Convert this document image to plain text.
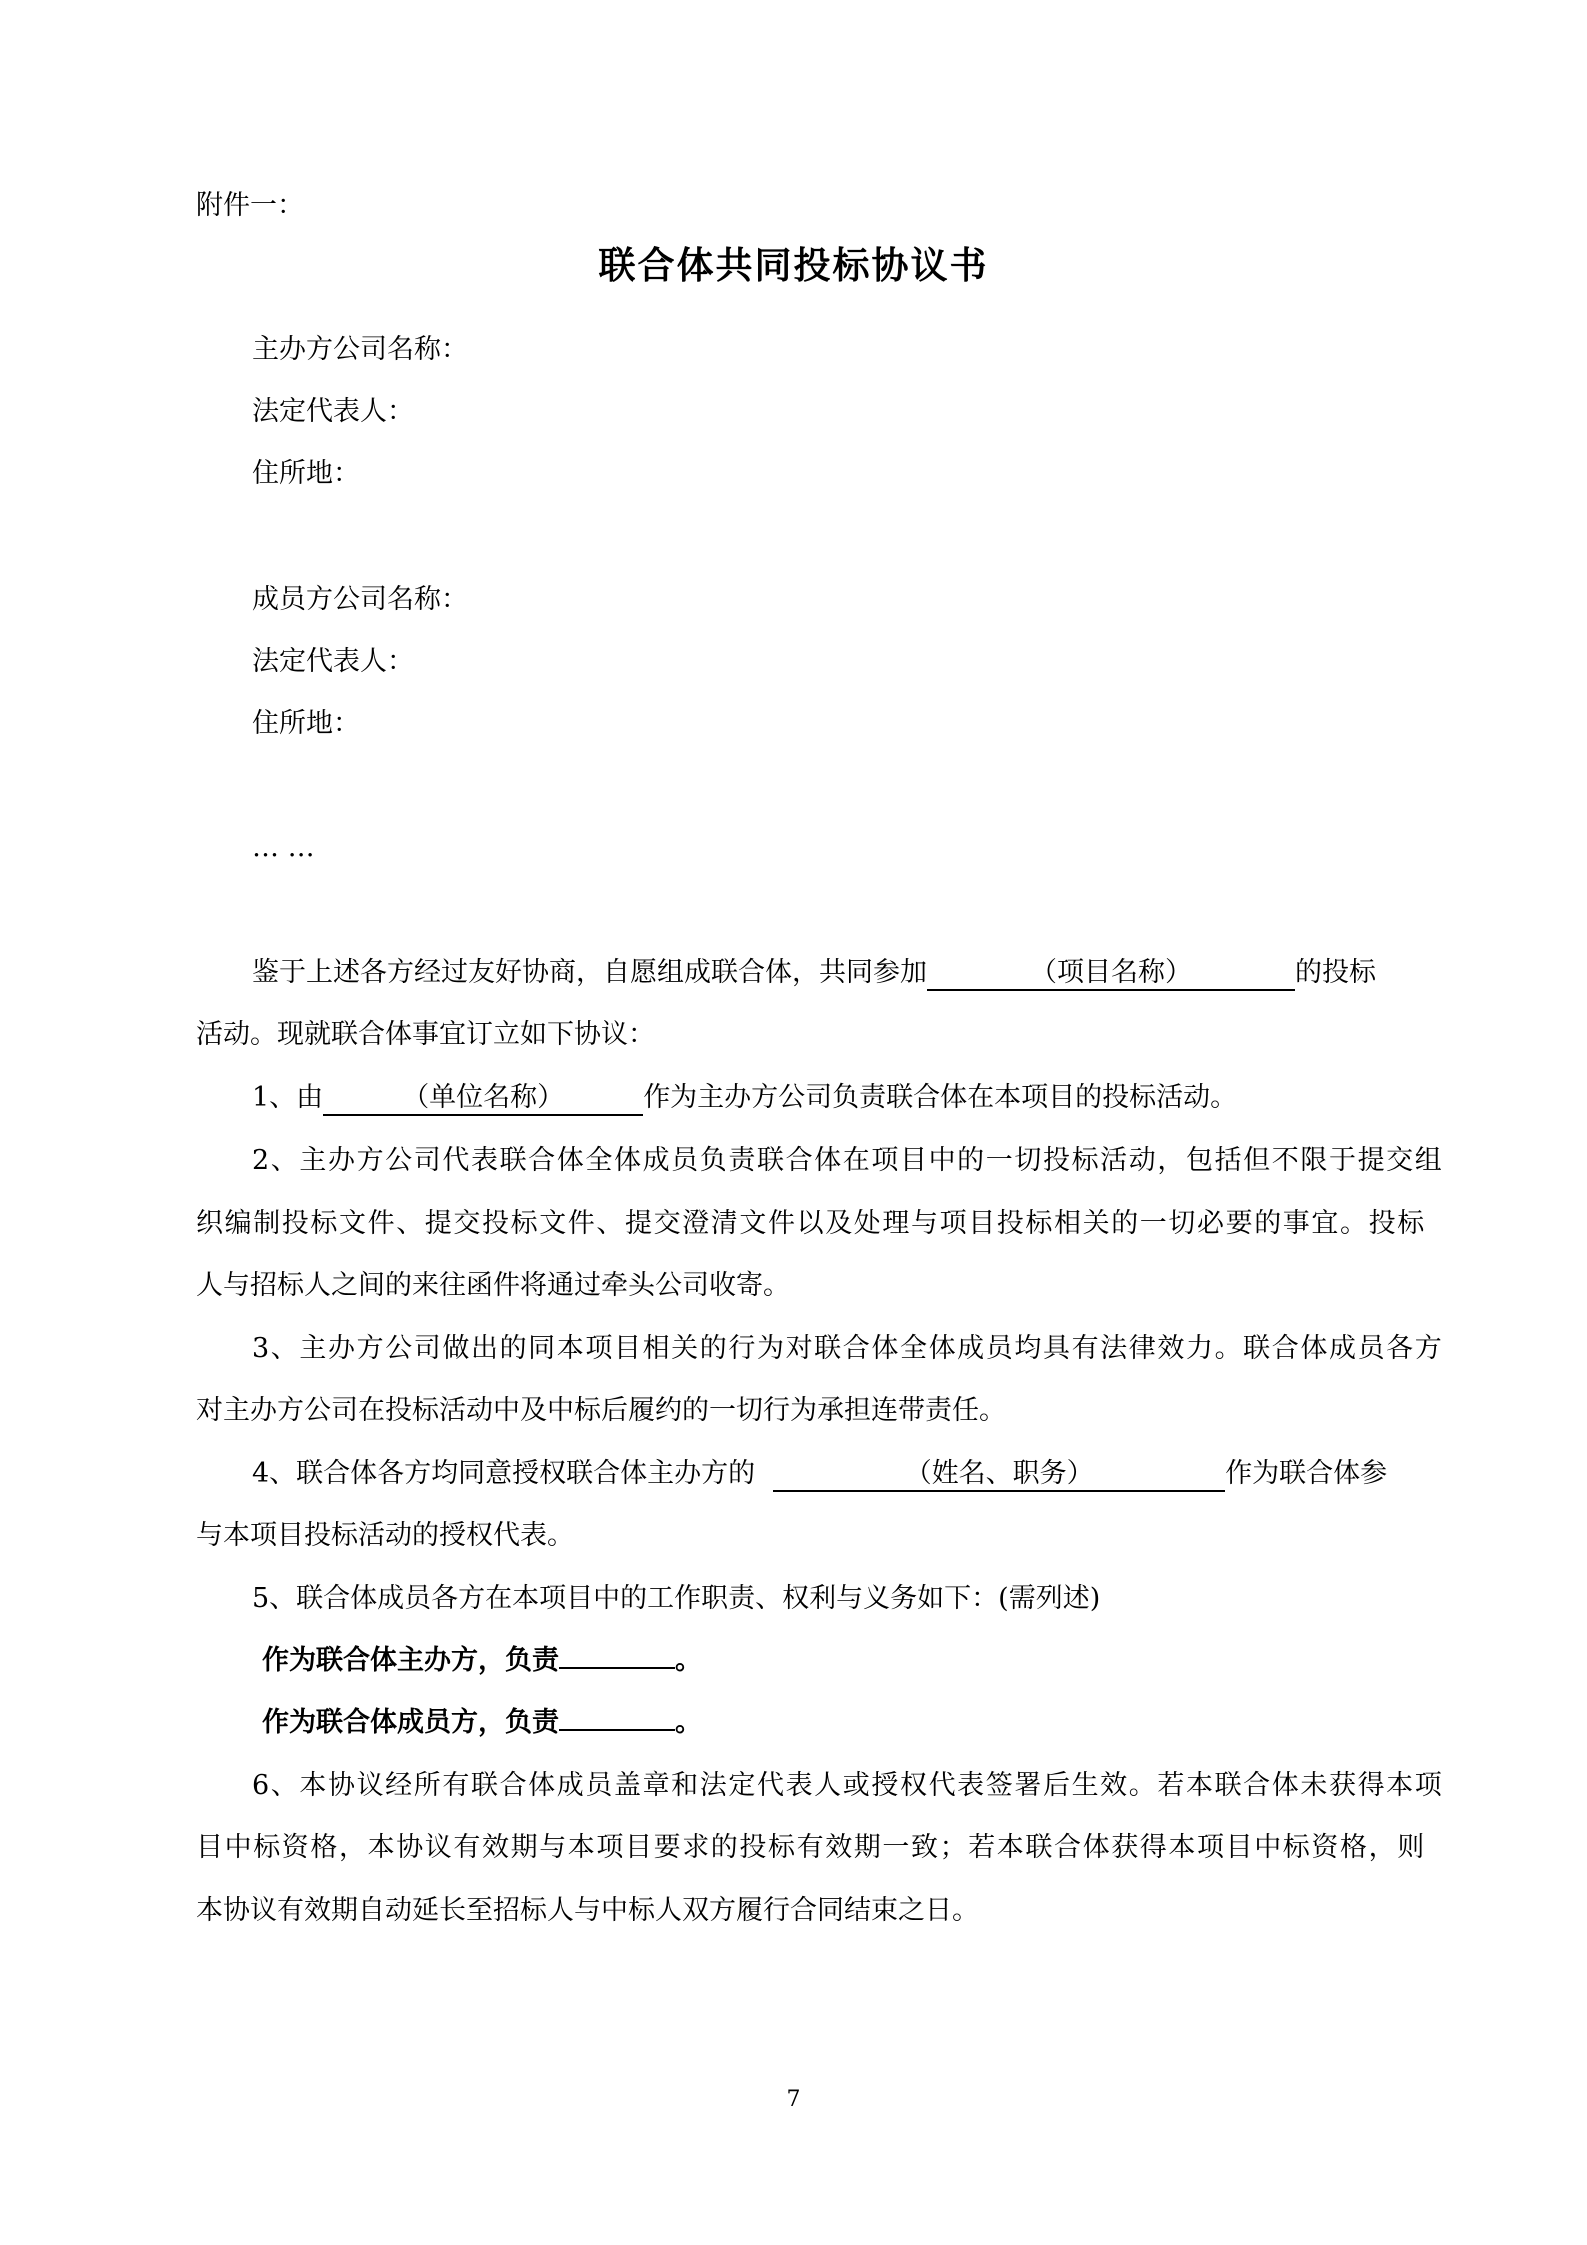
附件一：
联合体共同投标协议书
主办方公司名称：
法定代表人：
住所地：
成员方公司名称：
法定代表人：
住所地：
… …
鉴于上述各方经过友好协商，自愿组成联合体，共同参加	（项目名称）	的投标
活动。现就联合体事宜订立如下协议：
1、由	（单位名称）	作为主办方公司负责联合体在本项目的投标活动。
2、主办方公司代表联合体全体成员负责联合体在项目中的一切投标活动，包括但不限于提交组
织编制投标文件、提交投标文件、提交澄清文件以及处理与项目投标相关的一切必要的事宜。投标
人与招标人之间的来往函件将通过牵头公司收寄。
3、主办方公司做出的同本项目相关的行为对联合体全体成员均具有法律效力。联合体成员各方
对主办方公司在投标活动中及中标后履约的一切行为承担连带责任。
4、联合体各方均同意授权联合体主办方的	（姓名、职务）	作为联合体参
与本项目投标活动的授权代表。
5、联合体成员各方在本项目中的工作职责、权利与义务如下：(需列述)
作为联合体主办方，负责	。
作为联合体成员方，负责	。
6、本协议经所有联合体成员盖章和法定代表人或授权代表签署后生效。若本联合体未获得本项
目中标资格，本协议有效期与本项目要求的投标有效期一致；若本联合体获得本项目中标资格，则
本协议有效期自动延长至招标人与中标人双方履行合同结束之日。
7
